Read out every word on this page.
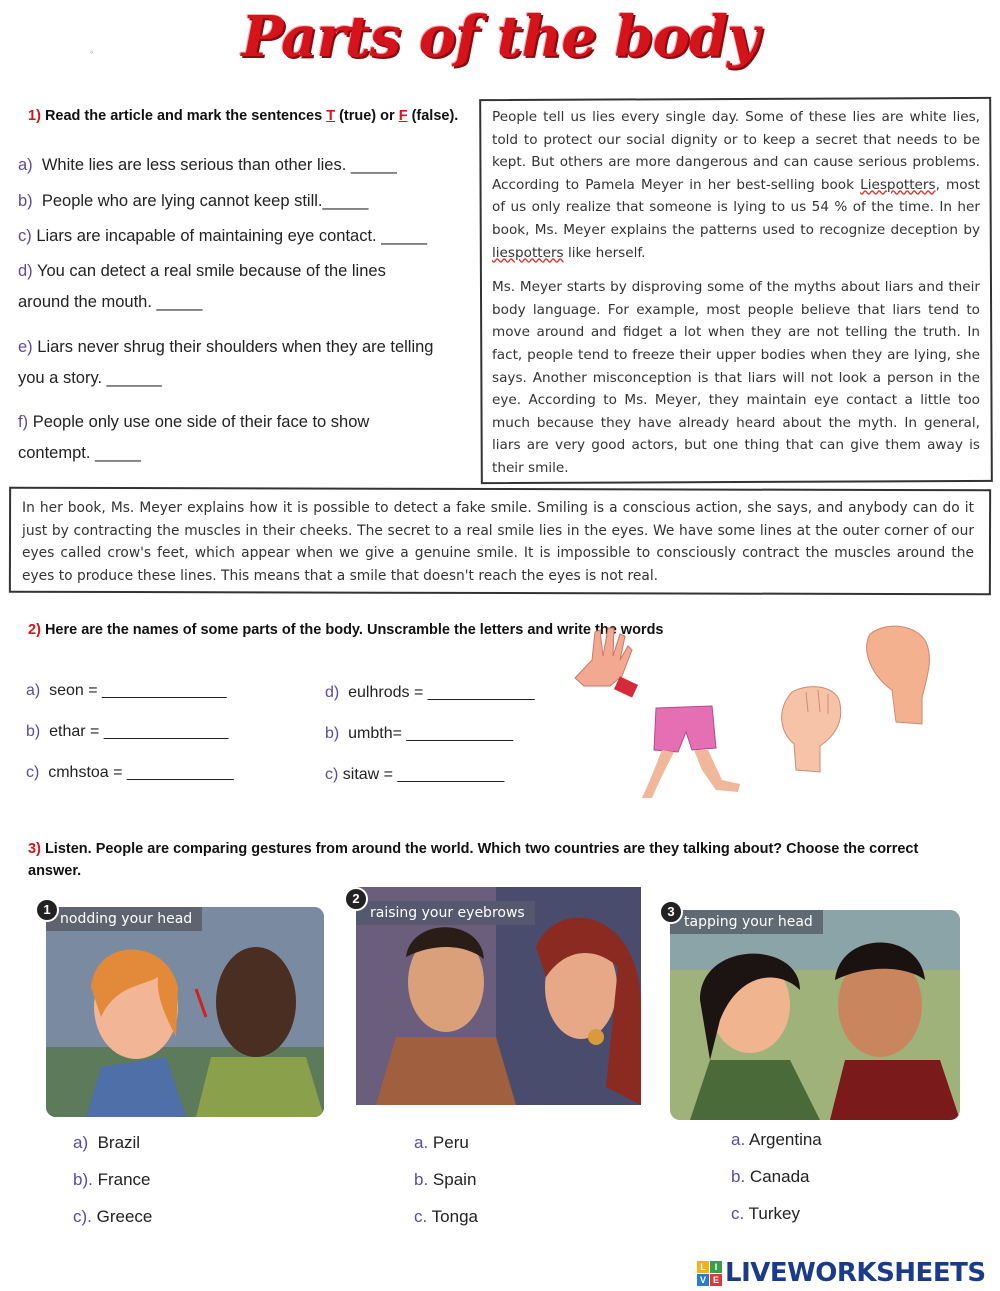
Parts of the body
°
1) Read the article and mark the sentences T (true) or F (false).
a) White lies are less serious than other lies. _____
b) People who are lying cannot keep still._____
c) Liars are incapable of maintaining eye contact. _____
d) You can detect a real smile because of the lines
around the mouth. _____
e) Liars never shrug their shoulders when they are telling
you a story. ______
f) People only use one side of their face to show
contempt. _____

People tell us lies every single day. Some of these lies are white lies, told to protect our social dignity or to keep a secret that needs to be kept. But others are more dangerous and can cause serious problems. According to Pamela Meyer in her best-selling book Liespotters, most of us only realize that someone is lying to us 54 % of the time. In her book, Ms. Meyer explains the patterns used to recognize deception by liespotters like herself.

Ms. Meyer starts by disproving some of the myths about liars and their body language. For example, most people believe that liars tend to move around and fidget a lot when they are not telling the truth. In fact, people tend to freeze their upper bodies when they are lying, she says. Another misconception is that liars will not look a person in the eye. According to Ms. Meyer, they maintain eye contact a little too much because they have already heard about the myth. In general, liars are very good actors, but one thing that can give them away is their smile.

In her book, Ms. Meyer explains how it is possible to detect a fake smile. Smiling is a conscious action, she says, and anybody can do it just by contracting the muscles in their cheeks. The secret to a real smile lies in the eyes. We have some lines at the outer corner of our eyes called crow's feet, which appear when we give a genuine smile. It is impossible to consciously contract the muscles around the eyes to produce these lines. This means that a smile that doesn't reach the eyes is not real.
2) Here are the names of some parts of the body. Unscramble the letters and write the words
a) seon = ______________
b) ethar = ______________
c) cmhstoa = ____________
d) eulhrods = ____________
b) umbth= ____________
c) sitaw = ____________
3) Listen. People are comparing gestures from around the world. Which two countries are they talking about? Choose the correct answer.
nodding your head
1	raising your eyebrows
2
tapping your head
3
a) Brazil
b). France
c). Greece
a. Peru
b. Spain
c. Tonga
a. Argentina
b. Canada
c. Turkey
L I
V E LIVEWORKSHEETS
